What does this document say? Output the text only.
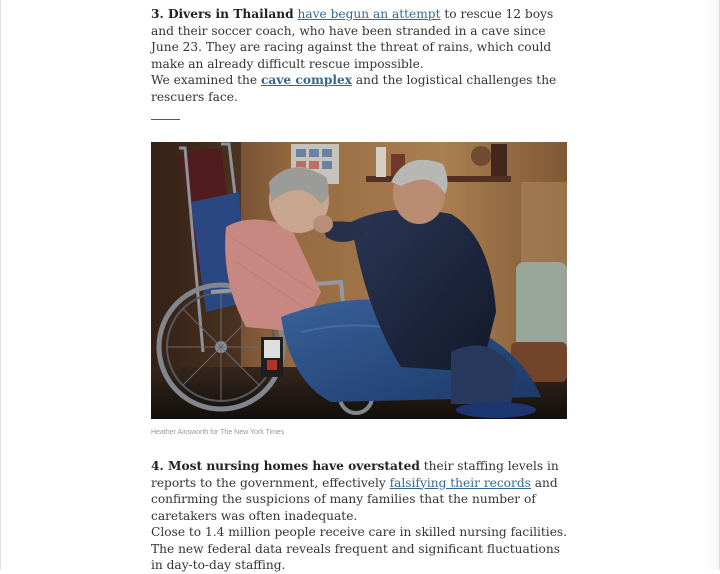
3. Divers in Thailand have begun an attempt to rescue 12 boys and their soccer coach, who have been stranded in a cave since June 23. They are racing against the threat of rains, which could make an already difficult rescue impossible.

We examined the cave complex and the logistical challenges the rescuers face.

Heather Ainsworth for The New York Times

4. Most nursing homes have overstated their staffing levels in reports to the government, effectively falsifying their records and confirming the suspicions of many families that the number of caretakers was often inadequate.

Close to 1.4 million people receive care in skilled nursing facilities. The new federal data reveals frequent and significant fluctuations in day-to-day staffing.
